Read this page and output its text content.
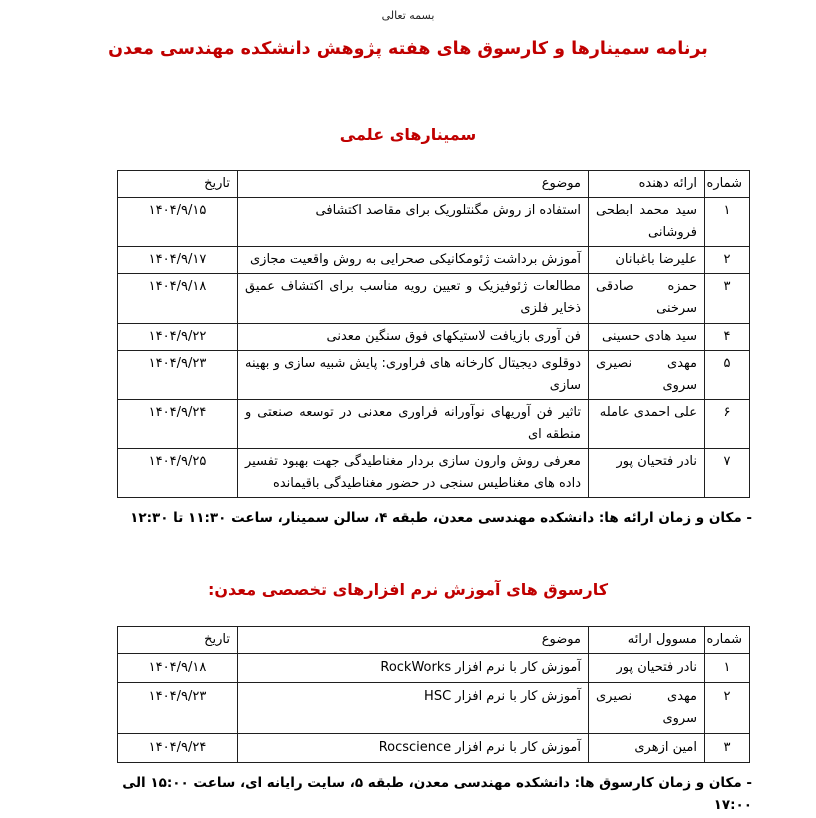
بسمه تعالی
برنامه سمینارها و کارسوق های هفته پژوهش دانشکده مهندسی معدن
سمینارهای علمی
شماره	ارائه دهنده	موضوع	تاریخ
۱	سید محمد ابطحی فروشانی	استفاده از روش مگنتلوریک برای مقاصد اکتشافی	۱۴۰۴/۹/۱۵
۲	علیرضا باغبانان	آموزش برداشت ژئومکانیکی صحرایی به روش واقعیت مجازی	۱۴۰۴/۹/۱۷
۳	حمزه صادقی سرخنی	مطالعات ژئوفیزیک و تعیین رویه مناسب برای اکتشاف عمیق ذخایر فلزی	۱۴۰۴/۹/۱۸
۴	سید هادی حسینی	فن آوری بازیافت لاستیکهای فوق سنگین معدنی	۱۴۰۴/۹/۲۲
۵	مهدی نصیری سروی	دوقلوی دیجیتال کارخانه های فراوری: پایش شبیه سازی و بهینه سازی	۱۴۰۴/۹/۲۳
۶	علی احمدی عامله	تاثیر فن آوریهای نوآورانه فراوری معدنی در توسعه صنعتی و منطقه ای	۱۴۰۴/۹/۲۴
۷	نادر فتحیان پور	معرفی روش وارون سازی بردار مغناطیدگی جهت بهبود تفسیر داده های مغناطیس سنجی در حضور مغناطیدگی باقیمانده	۱۴۰۴/۹/۲۵
- مکان و زمان ارائه ها: دانشکده مهندسی معدن، طبقه ۴، سالن سمینار، ساعت ۱۱:۳۰ تا ۱۲:۳۰
کارسوق های آموزش نرم افزارهای تخصصی معدن:
شماره	مسوول ارائه	موضوع	تاریخ
۱	نادر فتحیان پور	آموزش کار با نرم افزار RockWorks	۱۴۰۴/۹/۱۸
۲	مهدی نصیری سروی	آموزش کار با نرم افزار HSC	۱۴۰۴/۹/۲۳
۳	امین ازهری	آموزش کار با نرم افزار Rocscience	۱۴۰۴/۹/۲۴
- مکان و زمان کارسوق ها: دانشکده مهندسی معدن، طبقه ۵، سایت رایانه ای، ساعت ۱۵:۰۰ الی ۱۷:۰۰
